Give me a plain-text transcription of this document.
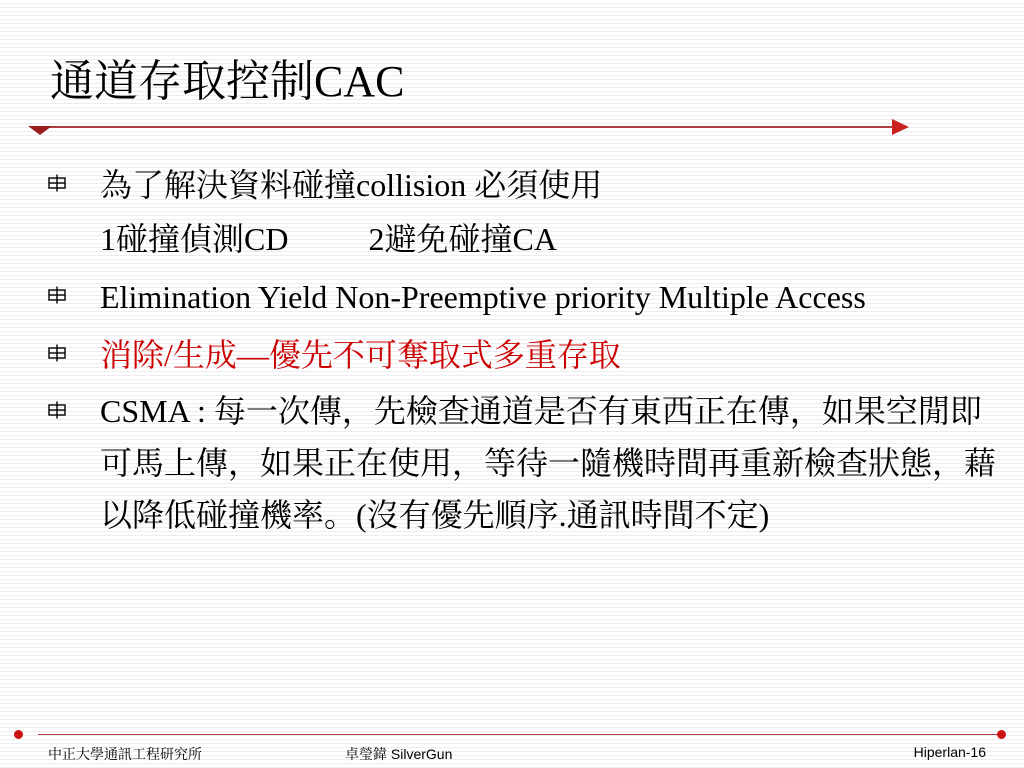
通道存取控制CAC
為了解決資料碰撞collision 必須使用
1碰撞偵測CD	2避免碰撞CA
Elimination Yield Non-Preemptive priority Multiple Access
消除/生成—優先不可奪取式多重存取
CSMA : 每一次傳，先檢查通道是否有東西正在傳，如果空閒即可馬上傳，如果正在使用，等待一隨機時間再重新檢查狀態，藉以降低碰撞機率。(沒有優先順序.通訊時間不定)
中正大學通訊工程研究所	卓瑩鍏 SilverGun	Hiperlan-16
